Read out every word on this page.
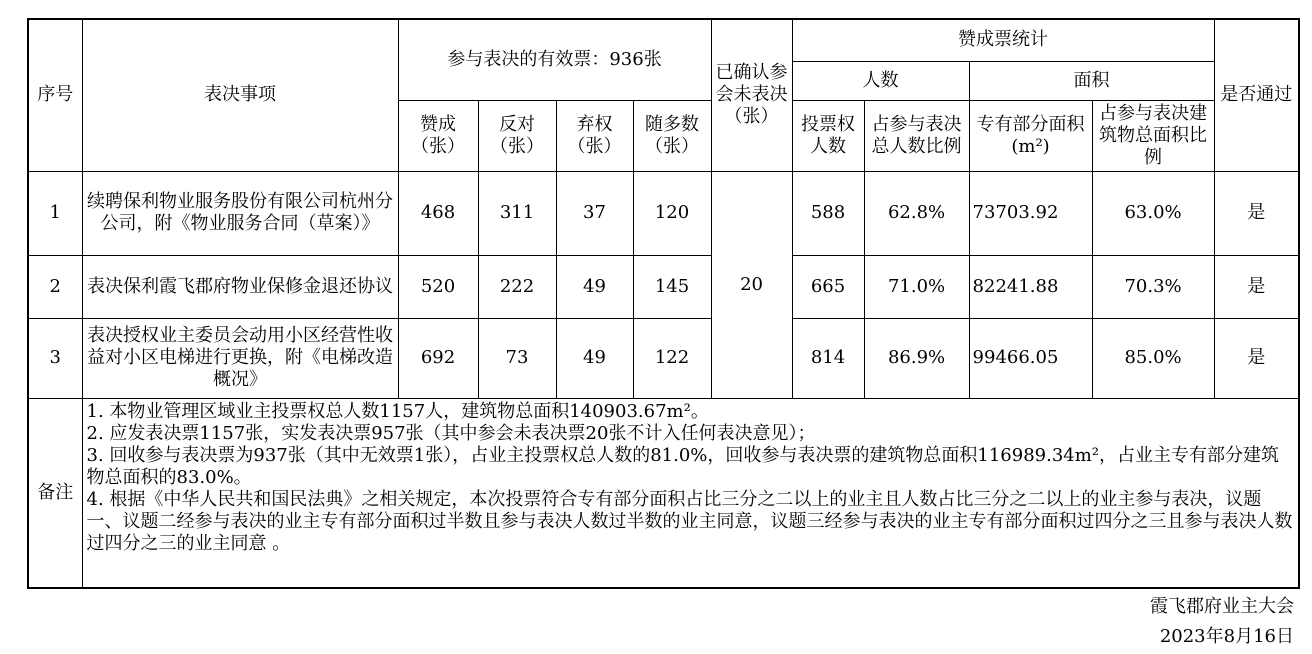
序号	表决事项	参与表决的有效票：936张				已确认参会未表决（张）	赞成票统计				是否通过
							人数		面积		
		赞成（张）	反对（张）	弃权（张）	随多数（张）		投票权人数	占参与表决总人数比例	专有部分面积(m²)	占参与表决建筑物总面积比例	
1	续聘保利物业服务股份有限公司杭州分公司，附《物业服务合同（草案）》	468	311	37	120	20	588	62.8%	73703.92	63.0%	是
2	表决保利霞飞郡府物业保修金退还协议	520	222	49	145		665	71.0%	82241.88	70.3%	是
3	表决授权业主委员会动用小区经营性收益对小区电梯进行更换，附《电梯改造概况》	692	73	49	122		814	86.9%	99466.05	85.0%	是
备注	1. 本物业管理区域业主投票权总人数1157人，建筑物总面积140903.67m²。
2. 应发表决票1157张，实发表决票957张（其中参会未表决票20张不计入任何表决意见）；
3. 回收参与表决票为937张（其中无效票1张），占业主投票权总人数的81.0%，回收参与表决票的建筑物总面积116989.34m²，占业主专有部分建筑物总面积的83.0%。
4. 根据《中华人民共和国民法典》之相关规定，本次投票符合专有部分面积占比三分之二以上的业主且人数占比三分之二以上的业主参与表决，议题一、议题二经参与表决的业主专有部分面积过半数且参与表决人数过半数的业主同意，议题三经参与表决的业主专有部分面积过四分之三且参与表决人数过四分之三的业主同意 。										
霞飞郡府业主大会
2023年8月16日
